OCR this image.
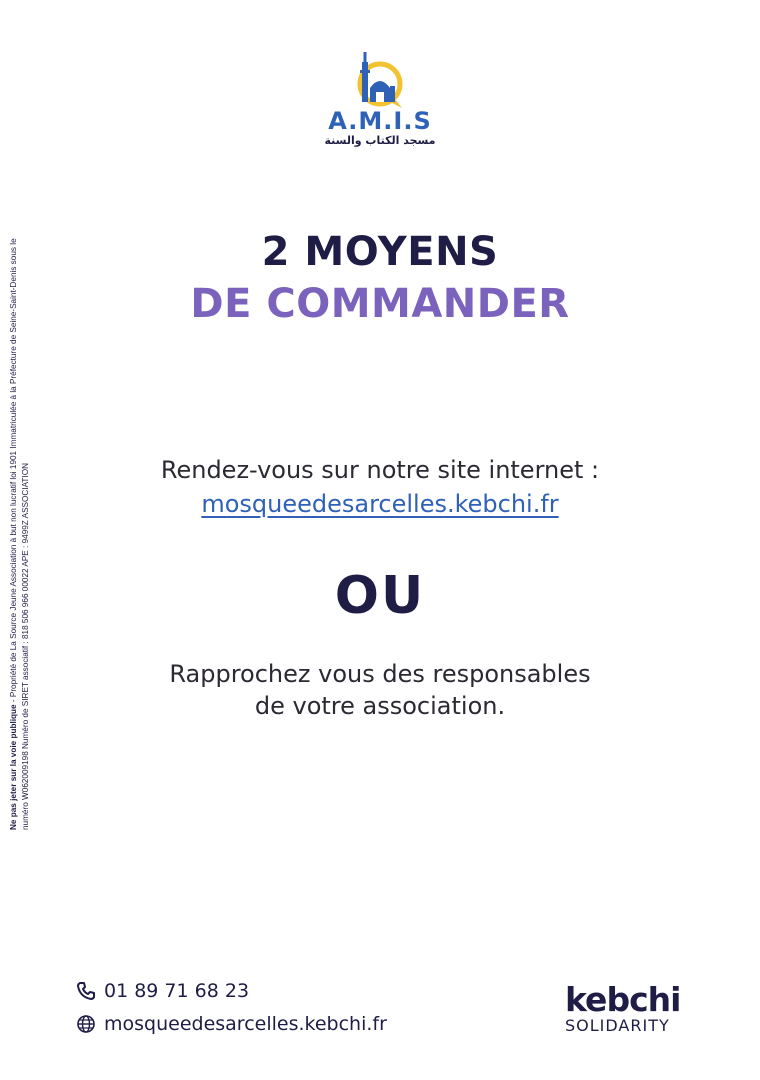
A.M.I.S
مسجد الكتاب والسنة
Ne pas jeter sur la voie publique - Propriété de La Source Jeune Association à but non lucratif loi 1901 Immatriculée à la Préfecture de Seine-Saint-Denis sous le numéro W062009198 Numéro de SIRET associatif : 818 506 966 00022 APE : 9499Z ASSOCIATION
2 MOYENS
DE COMMANDER
Rendez-vous sur notre site internet :
mosqueedesarcelles.kebchi.fr
OU
Rapprochez vous des responsables
de votre association.
01 89 71 68 23
mosqueedesarcelles.kebchi.fr
kebchi
SOLIDARITY
